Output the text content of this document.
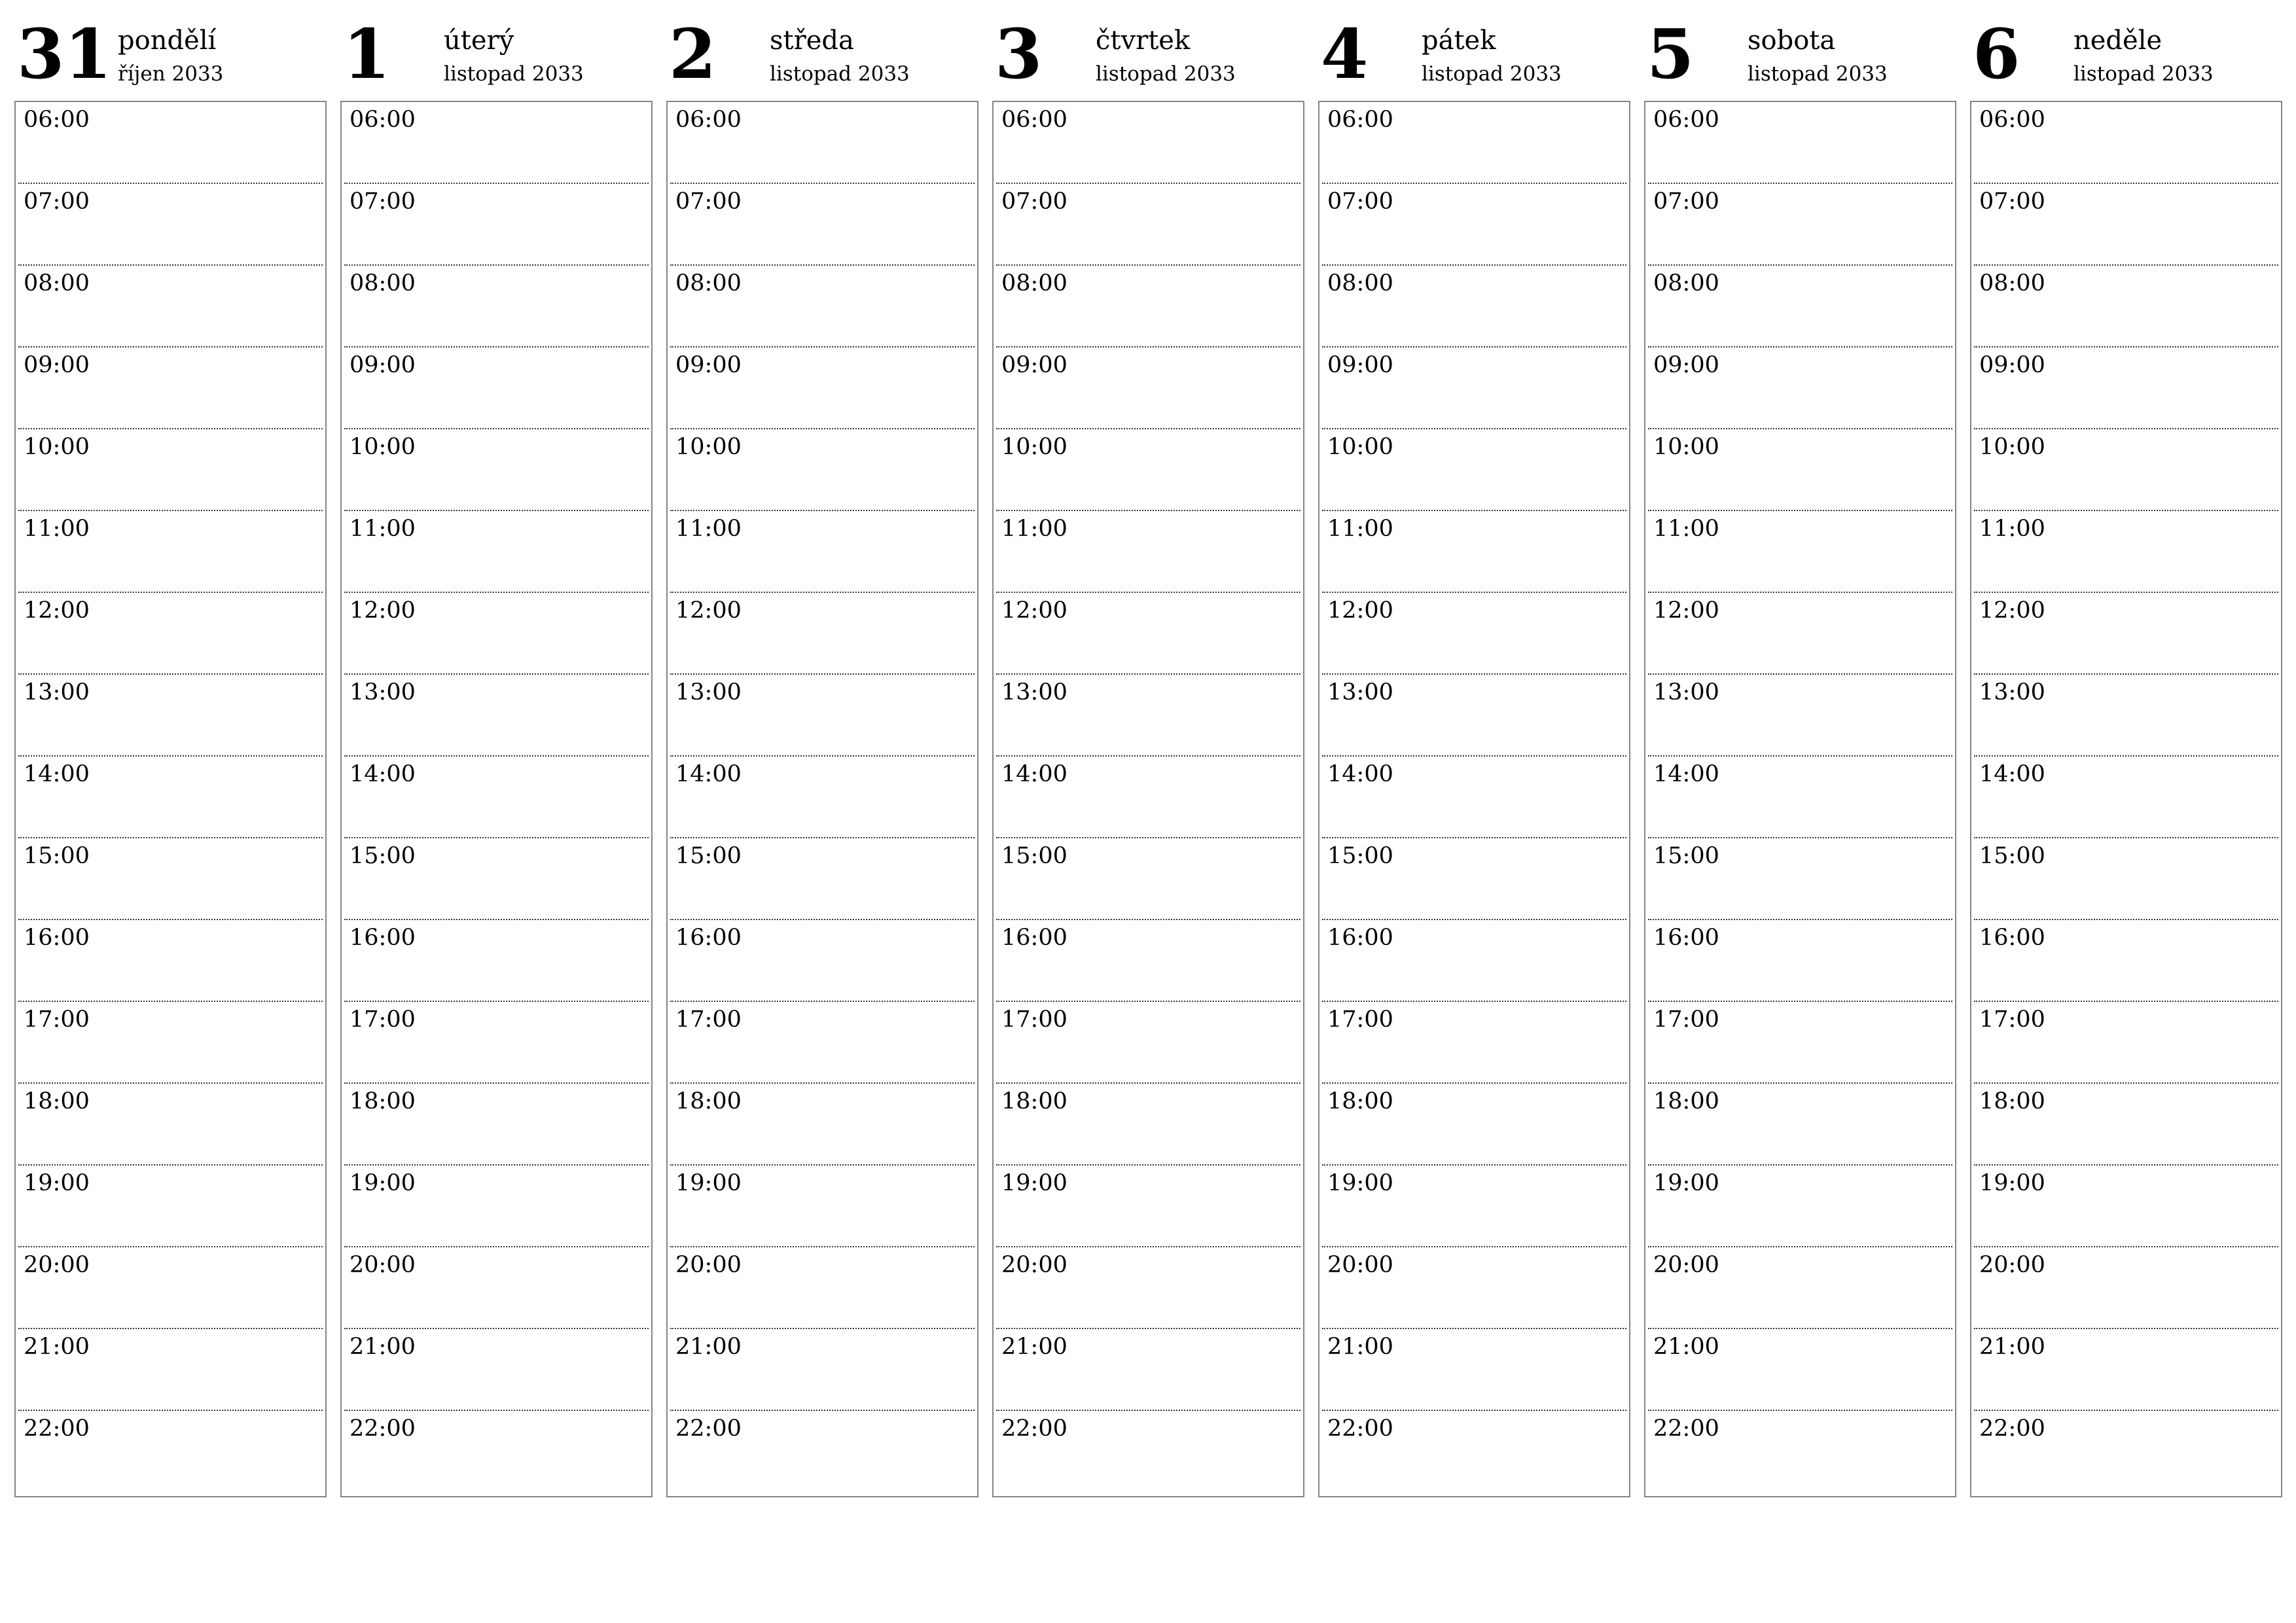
31 pondělí
říjen 2033
06:00
07:00
08:00
09:00
10:00
11:00
12:00
13:00
14:00
15:00
16:00
17:00
18:00
19:00
20:00
21:00
22:00
1 úterý
listopad 2033
06:00
07:00
08:00
09:00
10:00
11:00
12:00
13:00
14:00
15:00
16:00
17:00
18:00
19:00
20:00
21:00
22:00
2 středa
listopad 2033
06:00
07:00
08:00
09:00
10:00
11:00
12:00
13:00
14:00
15:00
16:00
17:00
18:00
19:00
20:00
21:00
22:00
3 čtvrtek
listopad 2033
06:00
07:00
08:00
09:00
10:00
11:00
12:00
13:00
14:00
15:00
16:00
17:00
18:00
19:00
20:00
21:00
22:00
4 pátek
listopad 2033
06:00
07:00
08:00
09:00
10:00
11:00
12:00
13:00
14:00
15:00
16:00
17:00
18:00
19:00
20:00
21:00
22:00
5 sobota
listopad 2033
06:00
07:00
08:00
09:00
10:00
11:00
12:00
13:00
14:00
15:00
16:00
17:00
18:00
19:00
20:00
21:00
22:00
6 neděle
listopad 2033
06:00
07:00
08:00
09:00
10:00
11:00
12:00
13:00
14:00
15:00
16:00
17:00
18:00
19:00
20:00
21:00
22:00
